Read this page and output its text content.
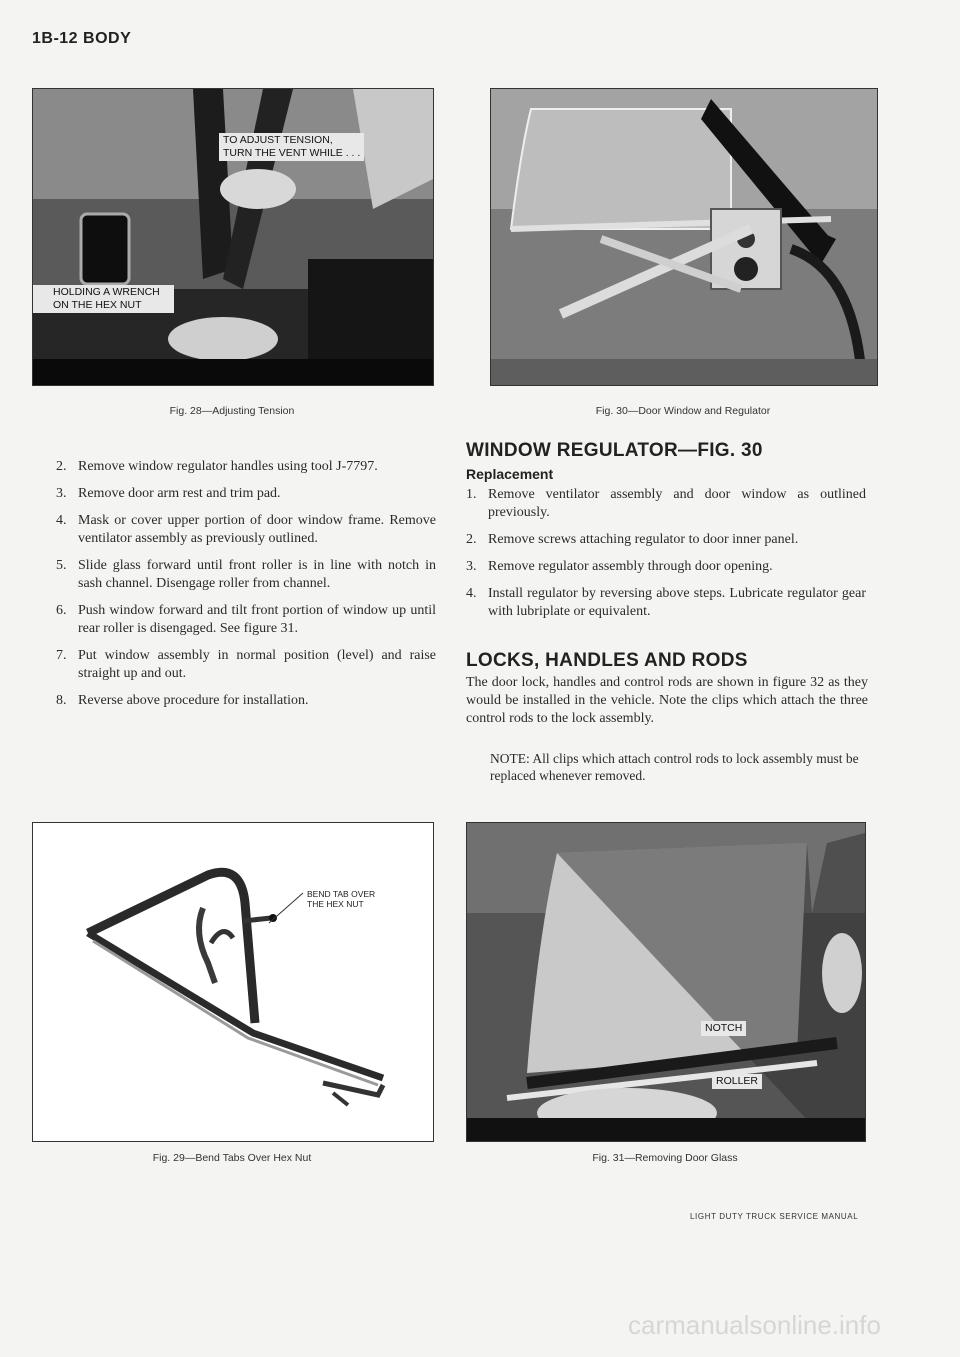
1B-12 BODY
TO ADJUST TENSION,
TURN THE VENT WHILE . . .
HOLDING A WRENCH
ON THE HEX NUT
Fig. 28—Adjusting Tension	Fig. 30—Door Window and Regulator
2. Remove window regulator handles using tool J-7797.
3. Remove door arm rest and trim pad.
4. Mask or cover upper portion of door window frame. Remove ventilator assembly as previously outlined.
5. Slide glass forward until front roller is in line with notch in sash channel. Disengage roller from channel.
6. Push window forward and tilt front portion of window up until rear roller is disengaged. See figure 31.
7. Put window assembly in normal position (level) and raise straight up and out.
8. Reverse above procedure for installation.
WINDOW REGULATOR—FIG. 30
Replacement
1. Remove ventilator assembly and door window as outlined previously.
2. Remove screws attaching regulator to door inner panel.
3. Remove regulator assembly through door opening.
4. Install regulator by reversing above steps. Lubricate regulator gear with lubriplate or equivalent.
LOCKS, HANDLES AND RODS
The door lock, handles and control rods are shown in figure 32 as they would be installed in the vehicle. Note the clips which attach the three control rods to the lock assembly.
NOTE: All clips which attach control rods to lock assembly must be replaced whenever removed.
BEND TAB OVER
THE HEX NUT
Fig. 29—Bend Tabs Over Hex Nut
NOTCH
ROLLER
Fig. 31—Removing Door Glass
LIGHT DUTY TRUCK SERVICE MANUAL
carmanualsonline.info
